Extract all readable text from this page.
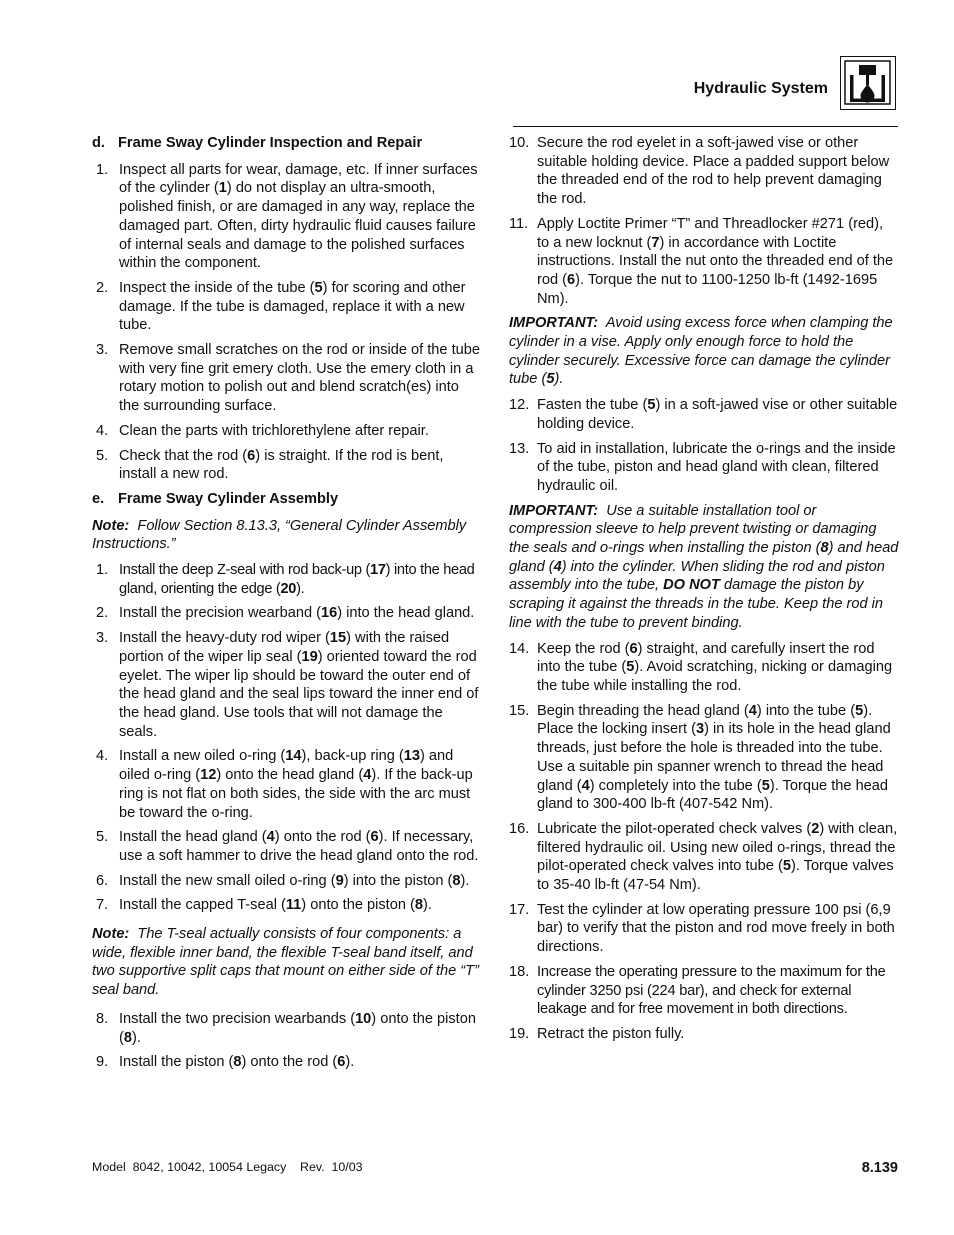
Hydraulic System

d. Frame Sway Cylinder Inspection and Repair

1. Inspect all parts for wear, damage, etc. If inner surfaces of the cylinder (1) do not display an ultra-smooth, polished finish, or are damaged in any way, replace the damaged part. Often, dirty hydraulic fluid causes failure of internal seals and damage to the polished surfaces within the component.
2. Inspect the inside of the tube (5) for scoring and other damage. If the tube is damaged, replace it with a new tube.
3. Remove small scratches on the rod or inside of the tube with very fine grit emery cloth. Use the emery cloth in a rotary motion to polish out and blend scratch(es) into the surrounding surface.
4. Clean the parts with trichlorethylene after repair.
5. Check that the rod (6) is straight. If the rod is bent, install a new rod.

e. Frame Sway Cylinder Assembly

Note: Follow Section 8.13.3, “General Cylinder Assembly Instructions.”

1. Install the deep Z-seal with rod back-up (17) into the head gland, orienting the edge (20).
2. Install the precision wearband (16) into the head gland.
3. Install the heavy-duty rod wiper (15) with the raised portion of the wiper lip seal (19) oriented toward the rod eyelet. The wiper lip should be toward the outer end of the head gland and the seal lips toward the inner end of the head gland. Use tools that will not damage the seals.
4. Install a new oiled o-ring (14), back-up ring (13) and oiled o-ring (12) onto the head gland (4). If the back-up ring is not flat on both sides, the side with the arc must be toward the o-ring.
5. Install the head gland (4) onto the rod (6). If necessary, use a soft hammer to drive the head gland onto the rod.
6. Install the new small oiled o-ring (9) into the piston (8).
7. Install the capped T-seal (11) onto the piston (8).

Note: The T-seal actually consists of four components: a wide, flexible inner band, the flexible T-seal band itself, and two supportive split caps that mount on either side of the “T” seal band.

8. Install the two precision wearbands (10) onto the piston (8).
9. Install the piston (8) onto the rod (6).
10. Secure the rod eyelet in a soft-jawed vise or other suitable holding device. Place a padded support below the threaded end of the rod to help prevent damaging the rod.
11. Apply Loctite Primer “T” and Threadlocker #271 (red), to a new locknut (7) in accordance with Loctite instructions. Install the nut onto the threaded end of the rod (6). Torque the nut to 1100-1250 lb-ft (1492-1695 Nm).

IMPORTANT: Avoid using excess force when clamping the cylinder in a vise. Apply only enough force to hold the cylinder securely. Excessive force can damage the cylinder tube (5).

12. Fasten the tube (5) in a soft-jawed vise or other suitable holding device.
13. To aid in installation, lubricate the o-rings and the inside of the tube, piston and head gland with clean, filtered hydraulic oil.

IMPORTANT: Use a suitable installation tool or compression sleeve to help prevent twisting or damaging the seals and o-rings when installing the piston (8) and head gland (4) into the cylinder. When sliding the rod and piston assembly into the tube, DO NOT damage the piston by scraping it against the threads in the tube. Keep the rod in line with the tube to prevent binding.

14. Keep the rod (6) straight, and carefully insert the rod into the tube (5). Avoid scratching, nicking or damaging the tube while installing the rod.
15. Begin threading the head gland (4) into the tube (5). Place the locking insert (3) in its hole in the head gland threads, just before the hole is threaded into the tube. Use a suitable pin spanner wrench to thread the head gland (4) completely into the tube (5). Torque the head gland to 300-400 lb-ft (407-542 Nm).
16. Lubricate the pilot-operated check valves (2) with clean, filtered hydraulic oil. Using new oiled o-rings, thread the pilot-operated check valves into tube (5). Torque valves to 35-40 lb-ft (47-54 Nm).
17. Test the cylinder at low operating pressure 100 psi (6,9 bar) to verify that the piston and rod move freely in both directions.
18. Increase the operating pressure to the maximum for the cylinder 3250 psi (224 bar), and check for external leakage and for free movement in both directions.
19. Retract the piston fully.
Model  8042, 10042, 10054 Legacy    Rev.  10/03	8.139
